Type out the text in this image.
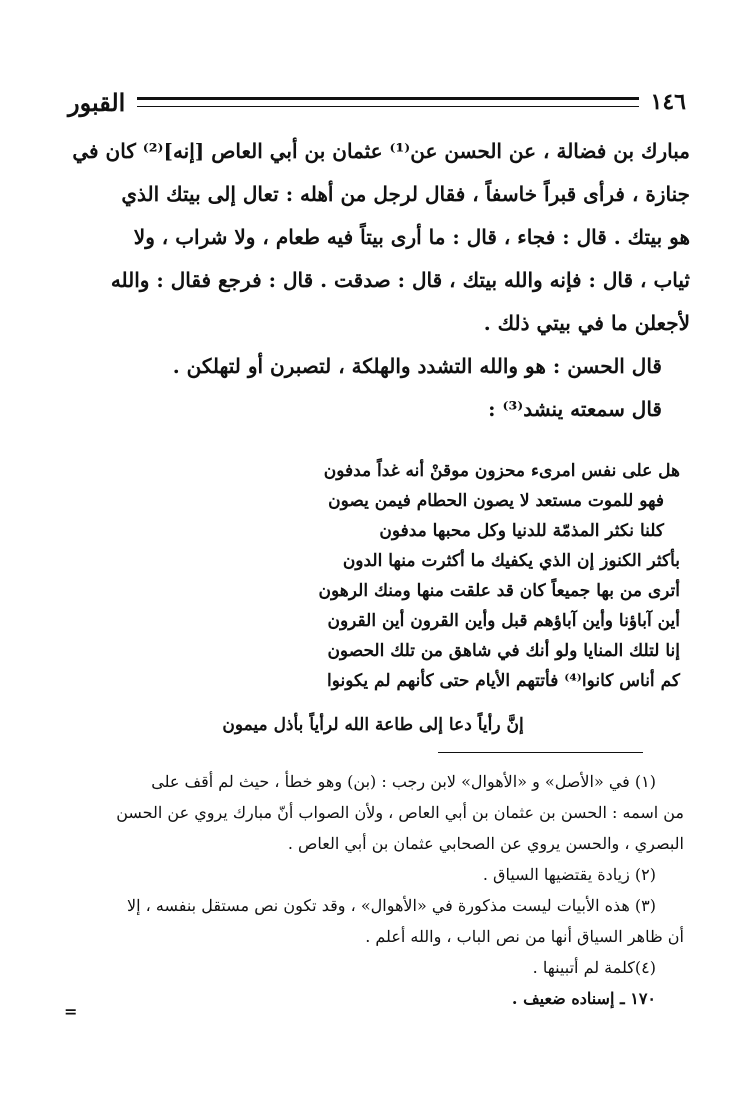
١٤٦
القبور

مبارك بن فضالة ، عن الحسن عن⁽¹⁾ عثمان بن أبي العاص [إنه]⁽²⁾ كان في
جنازة ، فرأى قبراً خاسفاً ، فقال لرجل من أهله : تعال إلى بيتك الذي
هو بيتك . قال : فجاء ، قال : ما أرى بيتاً فيه طعام ، ولا شراب ، ولا
ثياب ، قال : فإنه والله بيتك ، قال : صدقت . قال : فرجع فقال : والله
لأجعلن ما في بيتي ذلك .

قال الحسن : هو والله التشدد والهلكة ، لتصبرن أو لتهلكن .

قال سمعته ينشد⁽³⁾ :

هل على نفس امرىء محزون موقنْ أنه غداً مدفون
فهو للموت مستعد لا يصون الحطام فيمن يصون
كلنا نكثر المذمّة للدنيا وكل محبها مدفون
بأكثر الكنوز إن الذي يكفيك ما أكثرت منها الدون
أترى من بها جميعاً كان قد علقت منها ومنك الرهون
أين آباؤنا وأين آباؤهم قبل وأين القرون أين القرون
إنا لتلك المنايا ولو أنك في شاهق من تلك الحصون
كم أناس كانوا⁽⁴⁾ فأتتهم الأيام حتى كأنهم لم يكونوا
إنَّ رأياً دعا إلى طاعة الله لرأياً بأذل ميمون

(١) في «الأصل» و «الأهوال» لابن رجب : (بن) وهو خطأ ، حيث لم أقف على
من اسمه : الحسن بن عثمان بن أبي العاص ، ولأن الصواب أنّ مبارك يروي عن الحسن
البصري ، والحسن يروي عن الصحابي عثمان بن أبي العاص .

(٢) زيادة يقتضيها السياق .

(٣) هذه الأبيات ليست مذكورة في «الأهوال» ، وقد تكون نص مستقل بنفسه ، إلا
أن ظاهر السياق أنها من نص الباب ، والله أعلم .

(٤)كلمة لم أتبينها .

١٧٠ ـ إسناده ضعيف .

=
